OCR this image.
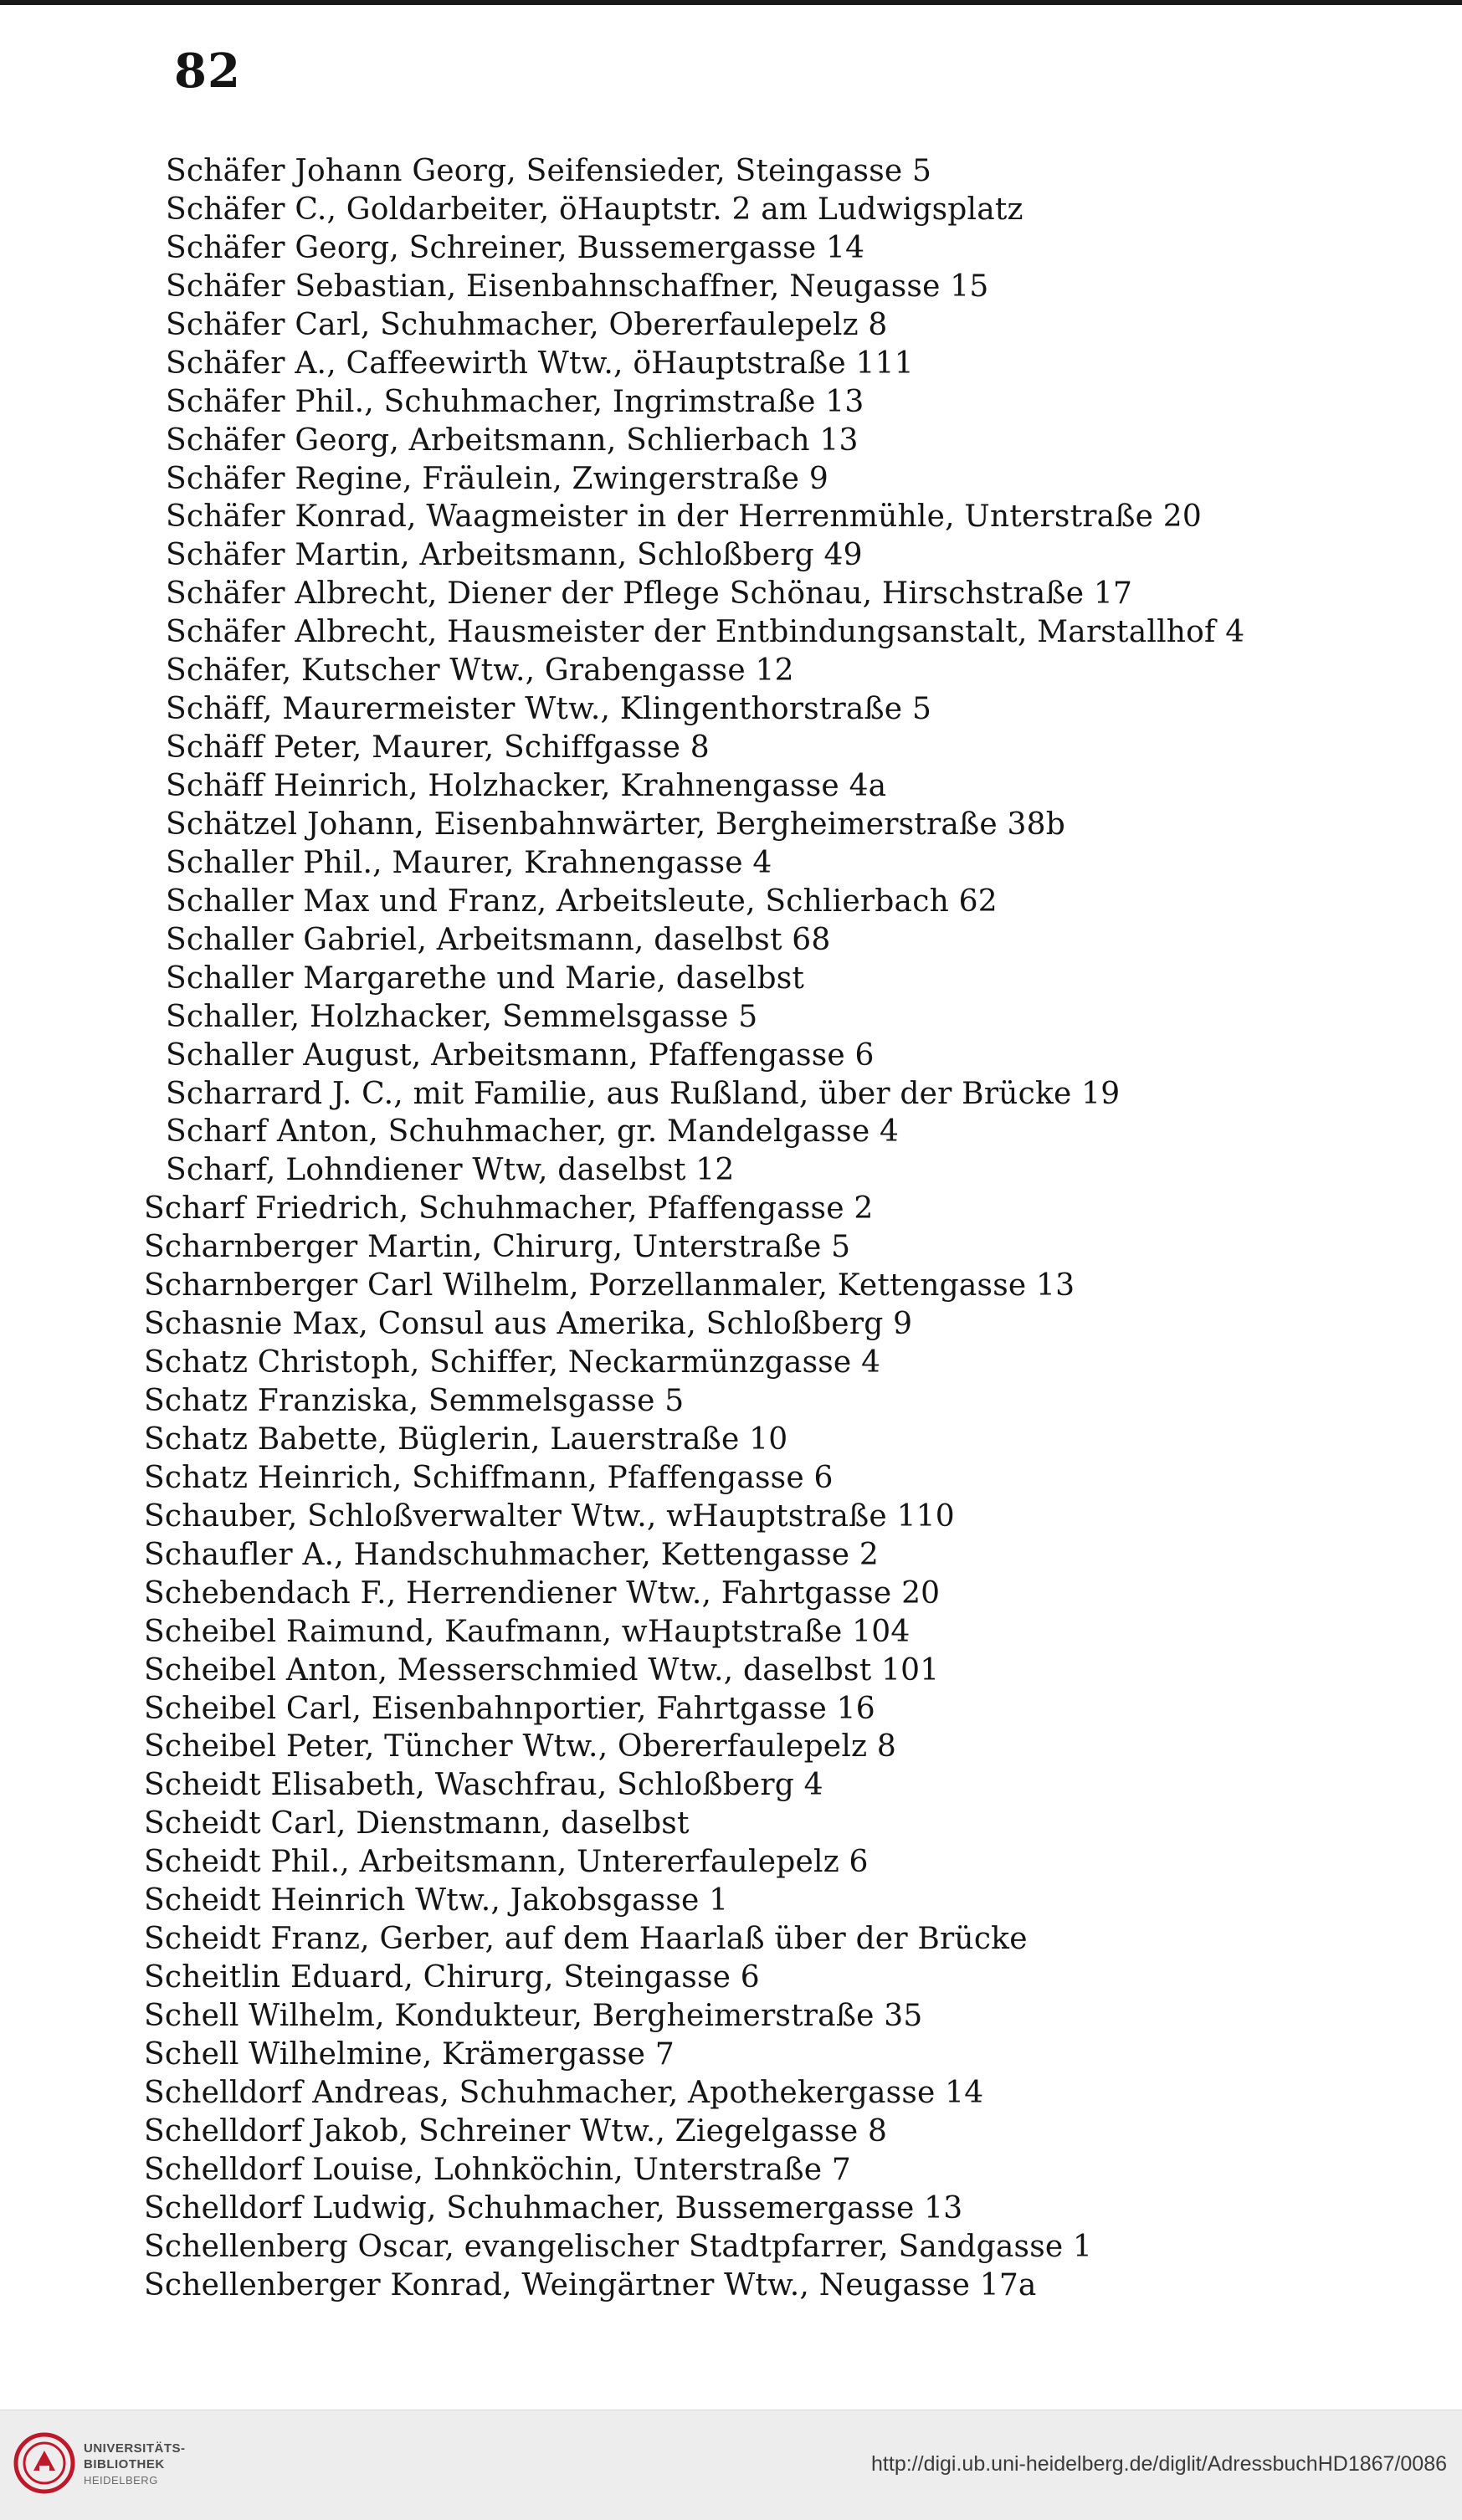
82
Schäfer Johann Georg, Seifensieder, Steingasse 5
Schäfer C., Goldarbeiter, öHauptstr. 2 am Ludwigsplatz
Schäfer Georg, Schreiner, Bussemergasse 14
Schäfer Sebastian, Eisenbahnschaffner, Neugasse 15
Schäfer Carl, Schuhmacher, Obererfaulepelz 8
Schäfer A., Caffeewirth Wtw., öHauptstraße 111
Schäfer Phil., Schuhmacher, Ingrimstraße 13
Schäfer Georg, Arbeitsmann, Schlierbach 13
Schäfer Regine, Fräulein, Zwingerstraße 9
Schäfer Konrad, Waagmeister in der Herrenmühle, Unterstraße 20
Schäfer Martin, Arbeitsmann, Schloßberg 49
Schäfer Albrecht, Diener der Pflege Schönau, Hirschstraße 17
Schäfer Albrecht, Hausmeister der Entbindungsanstalt, Marstallhof 4
Schäfer, Kutscher Wtw., Grabengasse 12
Schäff, Maurermeister Wtw., Klingenthorstraße 5
Schäff Peter, Maurer, Schiffgasse 8
Schäff Heinrich, Holzhacker, Krahnengasse 4a
Schätzel Johann, Eisenbahnwärter, Bergheimerstraße 38b
Schaller Phil., Maurer, Krahnengasse 4
Schaller Max und Franz, Arbeitsleute, Schlierbach 62
Schaller Gabriel, Arbeitsmann, daselbst 68
Schaller Margarethe und Marie, daselbst
Schaller, Holzhacker, Semmelsgasse 5
Schaller August, Arbeitsmann, Pfaffengasse 6
Scharrard J. C., mit Familie, aus Rußland, über der Brücke 19
Scharf Anton, Schuhmacher, gr. Mandelgasse 4
Scharf, Lohndiener Wtw, daselbst 12
Scharf Friedrich, Schuhmacher, Pfaffengasse 2
Scharnberger Martin, Chirurg, Unterstraße 5
Scharnberger Carl Wilhelm, Porzellanmaler, Kettengasse 13
Schasnie Max, Consul aus Amerika, Schloßberg 9
Schatz Christoph, Schiffer, Neckarmünzgasse 4
Schatz Franziska, Semmelsgasse 5
Schatz Babette, Büglerin, Lauerstraße 10
Schatz Heinrich, Schiffmann, Pfaffengasse 6
Schauber, Schloßverwalter Wtw., wHauptstraße 110
Schaufler A., Handschuhmacher, Kettengasse 2
Schebendach F., Herrendiener Wtw., Fahrtgasse 20
Scheibel Raimund, Kaufmann, wHauptstraße 104
Scheibel Anton, Messerschmied Wtw., daselbst 101
Scheibel Carl, Eisenbahnportier, Fahrtgasse 16
Scheibel Peter, Tüncher Wtw., Obererfaulepelz 8
Scheidt Elisabeth, Waschfrau, Schloßberg 4
Scheidt Carl, Dienstmann, daselbst
Scheidt Phil., Arbeitsmann, Untererfaulepelz 6
Scheidt Heinrich Wtw., Jakobsgasse 1
Scheidt Franz, Gerber, auf dem Haarlaß über der Brücke
Scheitlin Eduard, Chirurg, Steingasse 6
Schell Wilhelm, Kondukteur, Bergheimerstraße 35
Schell Wilhelmine, Krämergasse 7
Schelldorf Andreas, Schuhmacher, Apothekergasse 14
Schelldorf Jakob, Schreiner Wtw., Ziegelgasse 8
Schelldorf Louise, Lohnköchin, Unterstraße 7
Schelldorf Ludwig, Schuhmacher, Bussemergasse 13
Schellenberg Oscar, evangelischer Stadtpfarrer, Sandgasse 1
Schellenberger Konrad, Weingärtner Wtw., Neugasse 17a
UNIVERSITÄTS-
BIBLIOTHEK
HEIDELBERG
http://digi.ub.uni-heidelberg.de/diglit/AdressbuchHD1867/0086
